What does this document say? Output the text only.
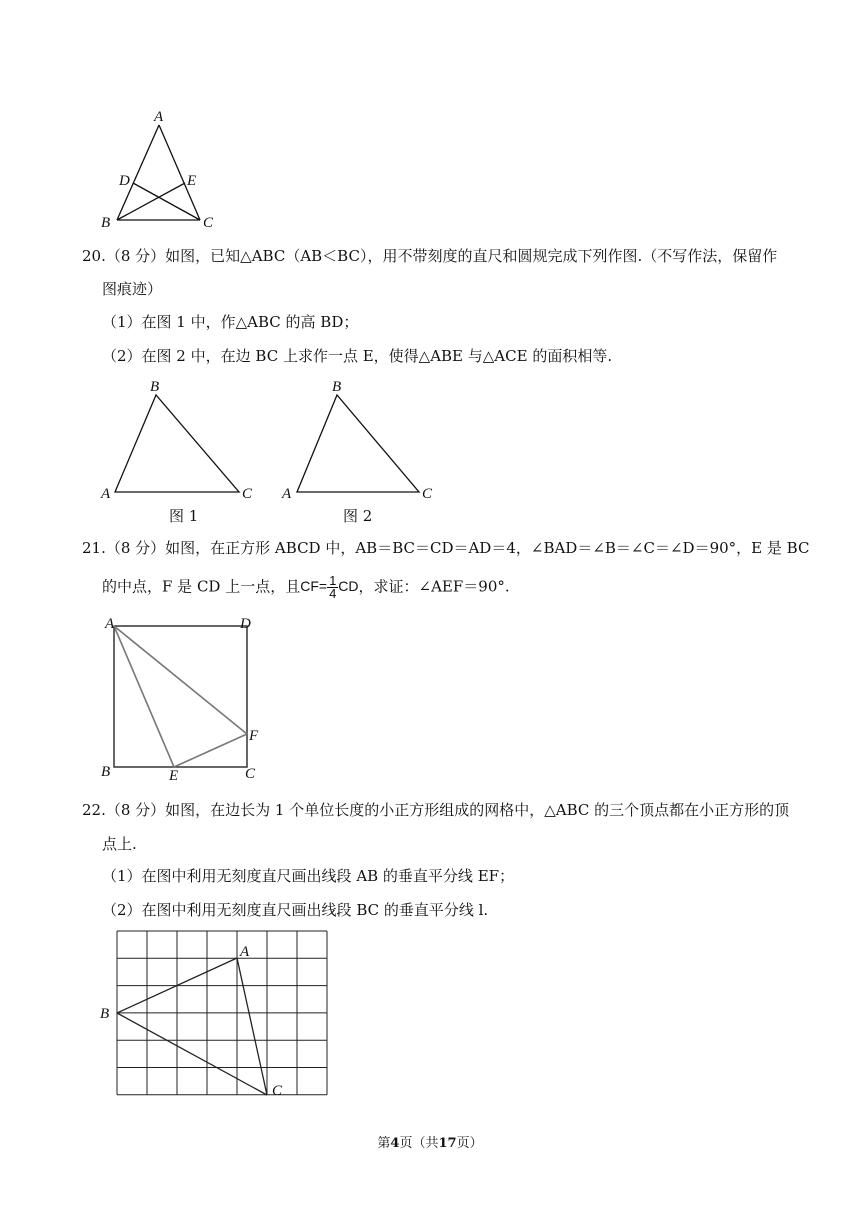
A
D	E
B	C
20.（8 分）如图，已知△ABC（AB＜BC），用不带刻度的直尺和圆规完成下列作图.（不写作法，保留作
图痕迹）
（1）在图 1 中，作△ABC 的高 BD；
（2）在图 2 中，在边 BC 上求作一点 E，使得△ABE 与△ACE 的面积相等.
B
A	C
图 1
B
A	C
图 2
21.（8 分）如图，在正方形 ABCD 中，AB＝BC＝CD＝AD＝4，∠BAD＝∠B＝∠C＝∠D＝90°，E 是 BC
的中点，F 是 CD 上一点，且$CF= \frac{1}{4}$ CD，求证：∠AEF＝90°.
A	D
F
B	E	C
22.（8 分）如图，在边长为 1 个单位长度的小正方形组成的网格中，△ABC 的三个顶点都在小正方形的顶
点上.
（1）在图中利用无刻度直尺画出线段 AB 的垂直平分线 EF；
（2）在图中利用无刻度直尺画出线段 BC 的垂直平分线 l.
A
B
C
第4页（共17页）
